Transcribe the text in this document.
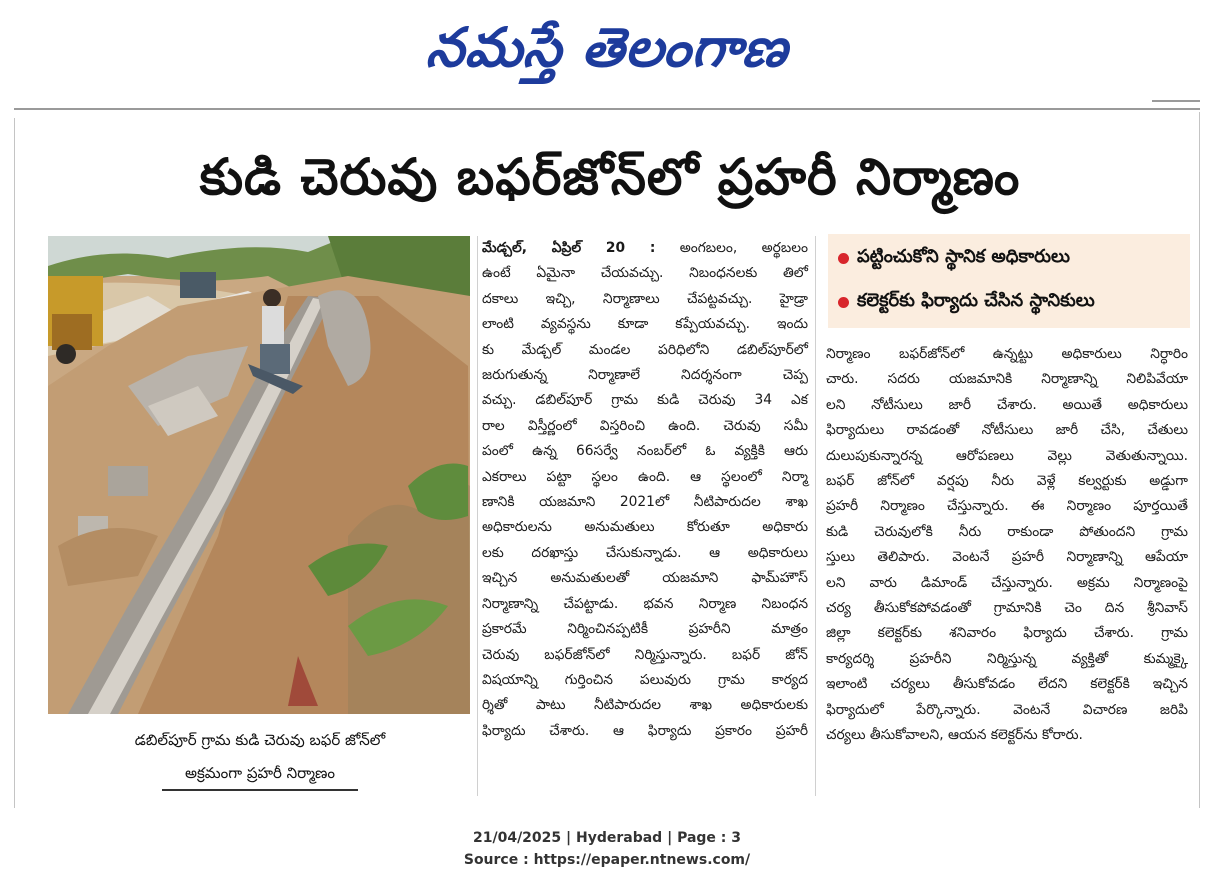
నమస్తే తెలంగాణ
కుడి చెరువు బఫర్‌జోన్‌లో ప్రహరీ నిర్మాణం
డబిల్‌పూర్‌ గ్రామ కుడి చెరువు బఫర్‌ జోన్‌లో
అక్రమంగా ప్రహరీ నిర్మాణం

మేడ్చల్‌, ఏప్రిల్‌ 20 : అంగబలం, అర్థబలం

ఉంటే ఏమైనా చేయవచ్చు. నిబంధనలకు తిలో

దకాలు ఇచ్చి, నిర్మాణాలు చేపట్టవచ్చు. హైడ్రా

లాంటి వ్యవస్థను కూడా కప్పేయవచ్చు. ఇందు

కు మేడ్చల్‌ మండల పరిధిలోని డబిల్‌పూర్‌లో

జరుగుతున్న నిర్మాణాలే నిదర్శనంగా చెప్ప

వచ్చు. డబిల్‌పూర్‌ గ్రామ కుడి చెరువు 34 ఎక

రాల విస్తీర్ణంలో విస్తరించి ఉంది. చెరువు సమీ

పంలో ఉన్న 66సర్వే నంబర్‌లో ఓ వ్యక్తికి ఆరు

ఎకరాలు పట్టా స్థలం ఉంది. ఆ స్థలంలో నిర్మా

ణానికి యజమాని 2021లో నీటిపారుదల శాఖ

అధికారులను అనుమతులు కోరుతూ అధికారు

లకు దరఖాస్తు చేసుకున్నాడు. ఆ అధికారులు

ఇచ్చిన అనుమతులతో యజమాని ఫామ్‌హౌస్‌

నిర్మాణాన్ని చేపట్టాడు. భవన నిర్మాణ నిబంధన

ప్రకారమే నిర్మించినప్పటికీ ప్రహరీని మాత్రం

చెరువు బఫర్‌జోన్‌లో నిర్మిస్తున్నారు. బఫర్‌ జోన్‌

విషయాన్ని గుర్తించిన పలువురు గ్రామ కార్యద

ర్శితో పాటు నీటిపారుదల శాఖ అధికారులకు

ఫిర్యాదు చేశారు. ఆ ఫిర్యాదు ప్రకారం ప్రహరీ

పట్టించుకోని స్థానిక అధికారులు
కలెక్టర్‌కు ఫిర్యాదు చేసిన స్థానికులు

నిర్మాణం బఫర్‌జోన్‌లో ఉన్నట్టు అధికారులు నిర్ధారిం

చారు. సదరు యజమానికి నిర్మాణాన్ని నిలిపివేయా

లని నోటీసులు జారీ చేశారు. అయితే అధికారులు

ఫిర్యాదులు రావడంతో నోటీసులు జారీ చేసి, చేతులు

దులుపుకున్నారన్న ఆరోపణలు వెల్లు వెతుతున్నాయి.

బఫర్‌ జోన్‌లో వర్షపు నీరు వెళ్లే కల్వర్టుకు అడ్డుగా

ప్రహరీ నిర్మాణం చేస్తున్నారు. ఈ నిర్మాణం పూర్తయితే

కుడి చెరువులోకి నీరు రాకుండా పోతుందని గ్రామ

స్తులు తెలిపారు. వెంటనే ప్రహరీ నిర్మాణాన్ని ఆపేయా

లని వారు డిమాండ్‌ చేస్తున్నారు. అక్రమ నిర్మాణంపై

చర్య తీసుకోకపోవడంతో గ్రామానికి చెం దిన శ్రీనివాస్‌

జిల్లా కలెక్టర్‌కు శనివారం ఫిర్యాదు చేశారు. గ్రామ

కార్యదర్శి ప్రహరీని నిర్మిస్తున్న వ్యక్తితో కుమ్మక్కై

ఇలాంటి చర్యలు తీసుకోవడం లేదని కలెక్టర్‌కి ఇచ్చిన

ఫిర్యాదులో పేర్కొన్నారు. వెంటనే విచారణ జరిపి

చర్యలు తీసుకోవాలని, ఆయన కలెక్టర్‌ను కోరారు.

21/04/2025 | Hyderabad | Page : 3
Source : https://epaper.ntnews.com/
